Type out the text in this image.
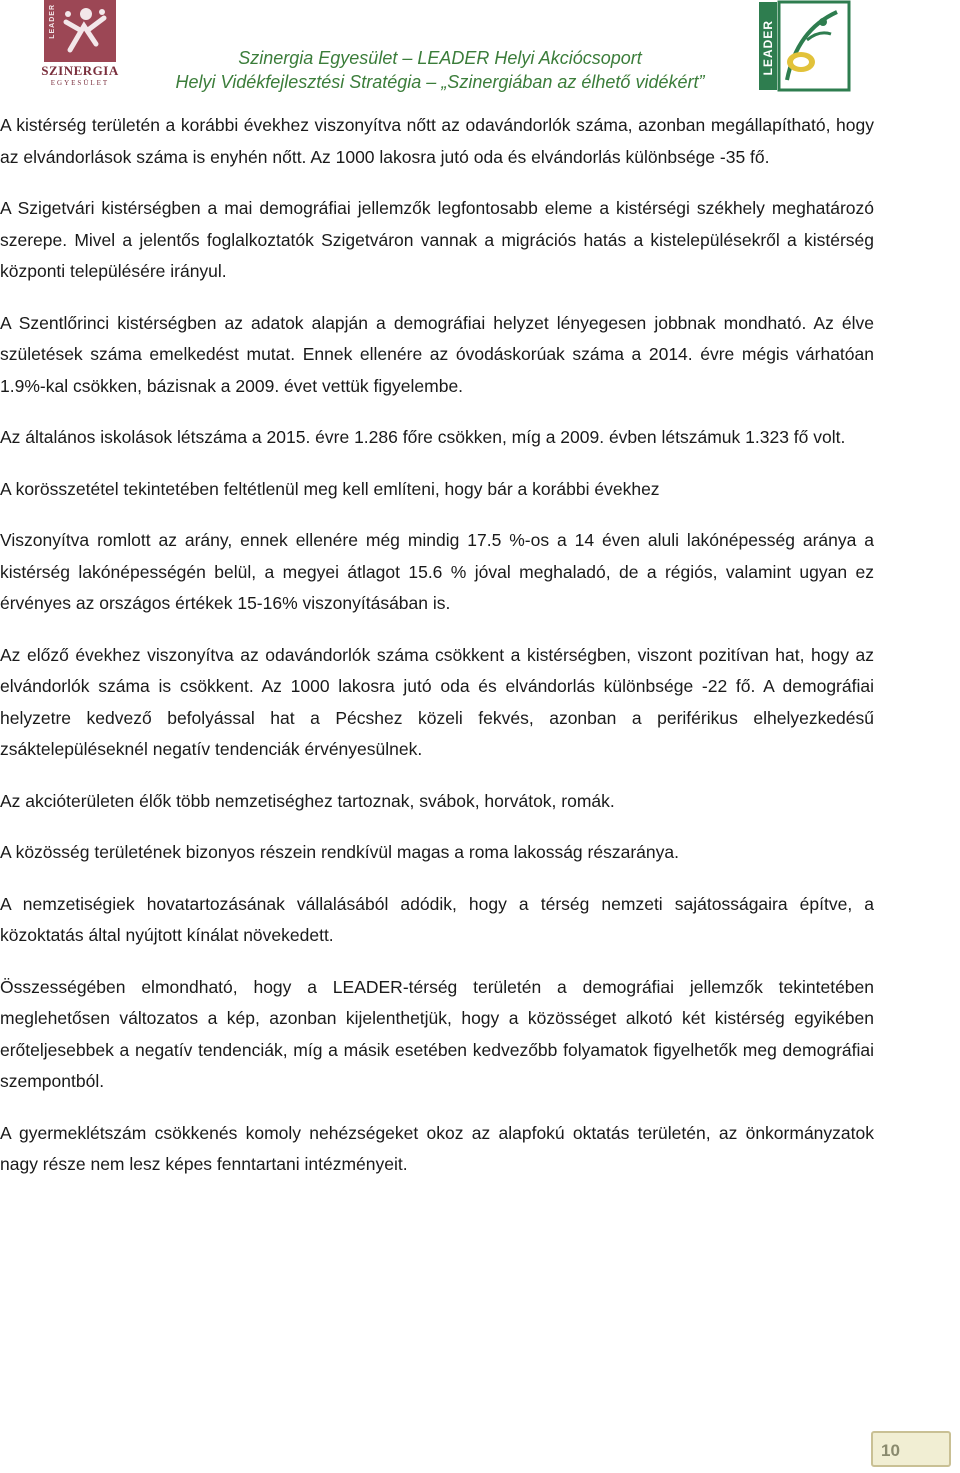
LEADER
SZINERGIA
EGYESÜLET
Szinergia Egyesület – LEADER Helyi Akciócsoport
Helyi Vidékfejlesztési Stratégia – „Szinergiában az élhető vidékért”
LEADER

A kistérség területén a korábbi évekhez viszonyítva nőtt az odavándorlók száma, azonban megállapítható, hogy az elvándorlások száma is enyhén nőtt. Az 1000 lakosra jutó oda és elvándorlás különbsége -35 fő.

A Szigetvári kistérségben a mai demográfiai jellemzők legfontosabb eleme a kistérségi székhely meghatározó szerepe. Mivel a jelentős foglalkoztatók Szigetváron vannak a migrációs hatás a kistelepülésekről a kistérség központi településére irányul.

A Szentlőrinci kistérségben az adatok alapján a demográfiai helyzet lényegesen jobbnak mondható. Az élve születések száma emelkedést mutat. Ennek ellenére az óvodáskorúak száma a 2014. évre mégis várhatóan 1.9%-kal csökken, bázisnak a 2009. évet vettük figyelembe.

Az általános iskolások létszáma a 2015. évre 1.286 főre csökken, míg a 2009. évben létszámuk 1.323 fő volt.

A korösszetétel tekintetében feltétlenül meg kell említeni, hogy bár a korábbi évekhez

Viszonyítva romlott az arány, ennek ellenére még mindig 17.5 %-os a 14 éven aluli lakónépesség aránya a kistérség lakónépességén belül, a megyei átlagot 15.6 % jóval meghaladó, de a régiós, valamint ugyan ez érvényes az országos értékek 15-16% viszonyításában is.

Az előző évekhez viszonyítva az odavándorlók száma csökkent a kistérségben, viszont pozitívan hat, hogy az elvándorlók száma is csökkent. Az 1000 lakosra jutó oda és elvándorlás különbsége -22 fő. A demográfiai helyzetre kedvező befolyással hat a Pécshez közeli fekvés, azonban a periférikus elhelyezkedésű zsáktelepüléseknél negatív tendenciák érvényesülnek.

Az akcióterületen élők több nemzetiséghez tartoznak, svábok, horvátok, romák.

A közösség területének bizonyos részein rendkívül magas a roma lakosság részaránya.

A nemzetiségiek hovatartozásának vállalásából adódik, hogy a térség nemzeti sajátosságaira építve, a közoktatás által nyújtott kínálat növekedett.

Összességében elmondható, hogy a LEADER-térség területén a demográfiai jellemzők tekintetében meglehetősen változatos a kép, azonban kijelenthetjük, hogy a közösséget alkotó két kistérség egyikében erőteljesebbek a negatív tendenciák, míg a másik esetében kedvezőbb folyamatok figyelhetők meg demográfiai szempontból.

A gyermeklétszám csökkenés komoly nehézségeket okoz az alapfokú oktatás területén, az önkormányzatok nagy része nem lesz képes fenntartani intézményeit.

10
